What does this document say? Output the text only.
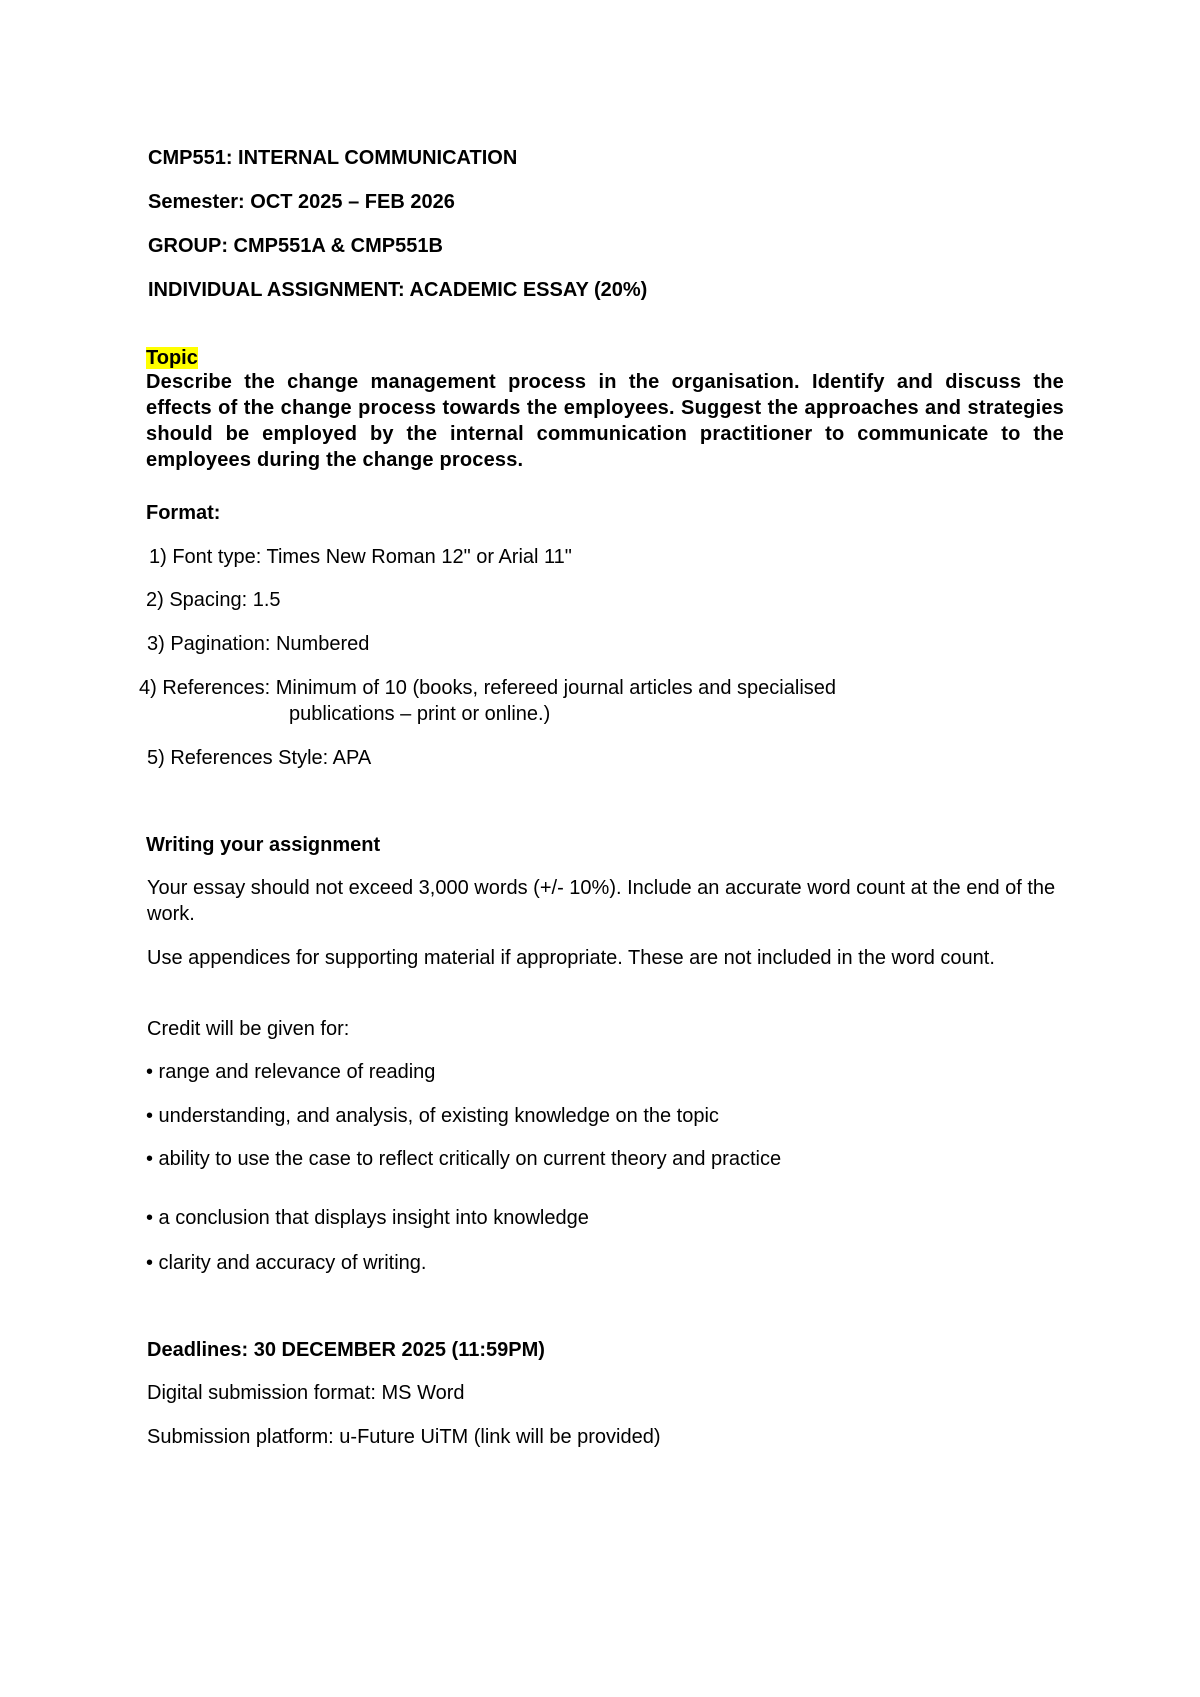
CMP551: INTERNAL COMMUNICATION
Semester: OCT 2025 – FEB 2026
GROUP: CMP551A & CMP551B
INDIVIDUAL ASSIGNMENT: ACADEMIC ESSAY (20%)
Topic
Describe the change management process in the organisation. Identify and discuss the effects of the change process towards the employees. Suggest the approaches and strategies should be employed by the internal communication practitioner to communicate to the employees during the change process.
Format:
1) Font type: Times New Roman 12" or Arial 11"
2) Spacing: 1.5
3) Pagination: Numbered
4) References: Minimum of 10 (books, refereed journal articles and specialised
publications – print or online.)
5) References Style: APA
Writing your assignment
Your essay should not exceed 3,000 words (+/- 10%). Include an accurate word count at the end of the work.
Use appendices for supporting material if appropriate. These are not included in the word count.
Credit will be given for:
• range and relevance of reading
• understanding, and analysis, of existing knowledge on the topic
• ability to use the case to reflect critically on current theory and practice
• a conclusion that displays insight into knowledge
• clarity and accuracy of writing.
Deadlines: 30 DECEMBER 2025 (11:59PM)
Digital submission format: MS Word
Submission platform: u-Future UiTM (link will be provided)
